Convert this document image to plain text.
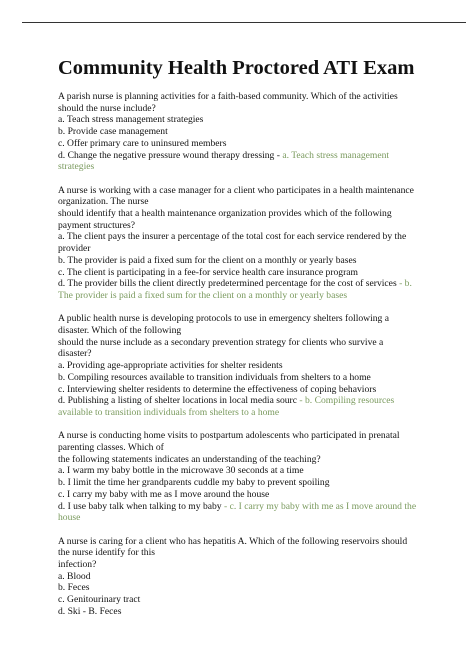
Community Health Proctored ATI Exam
A parish nurse is planning activities for a faith-based community. Which of the activities
should the nurse include?
a. Teach stress management strategies
b. Provide case management
c. Offer primary care to uninsured members
d. Change the negative pressure wound therapy dressing - a. Teach stress management
strategies
A nurse is working with a case manager for a client who participates in a health maintenance
organization. The nurse
should identify that a health maintenance organization provides which of the following
payment structures?
a. The client pays the insurer a percentage of the total cost for each service rendered by the
provider
b. The provider is paid a fixed sum for the client on a monthly or yearly bases
c. The client is participating in a fee-for service health care insurance program
d. The provider bills the client directly predetermined percentage for the cost of services - b.
The provider is paid a fixed sum for the client on a monthly or yearly bases
A public health nurse is developing protocols to use in emergency shelters following a
disaster. Which of the following
should the nurse include as a secondary prevention strategy for clients who survive a
disaster?
a. Providing age-appropriate activities for shelter residents
b. Compiling resources available to transition individuals from shelters to a home
c. Interviewing shelter residents to determine the effectiveness of coping behaviors
d. Publishing a listing of shelter locations in local media sourc - b. Compiling resources
available to transition individuals from shelters to a home
A nurse is conducting home visits to postpartum adolescents who participated in prenatal
parenting classes. Which of
the following statements indicates an understanding of the teaching?
a. I warm my baby bottle in the microwave 30 seconds at a time
b. I limit the time her grandparents cuddle my baby to prevent spoiling
c. I carry my baby with me as I move around the house
d. I use baby talk when talking to my baby - c. I carry my baby with me as I move around the
house
A nurse is caring for a client who has hepatitis A. Which of the following reservoirs should
the nurse identify for this
infection?
a. Blood
b. Feces
c. Genitourinary tract
d. Ski - B. Feces
